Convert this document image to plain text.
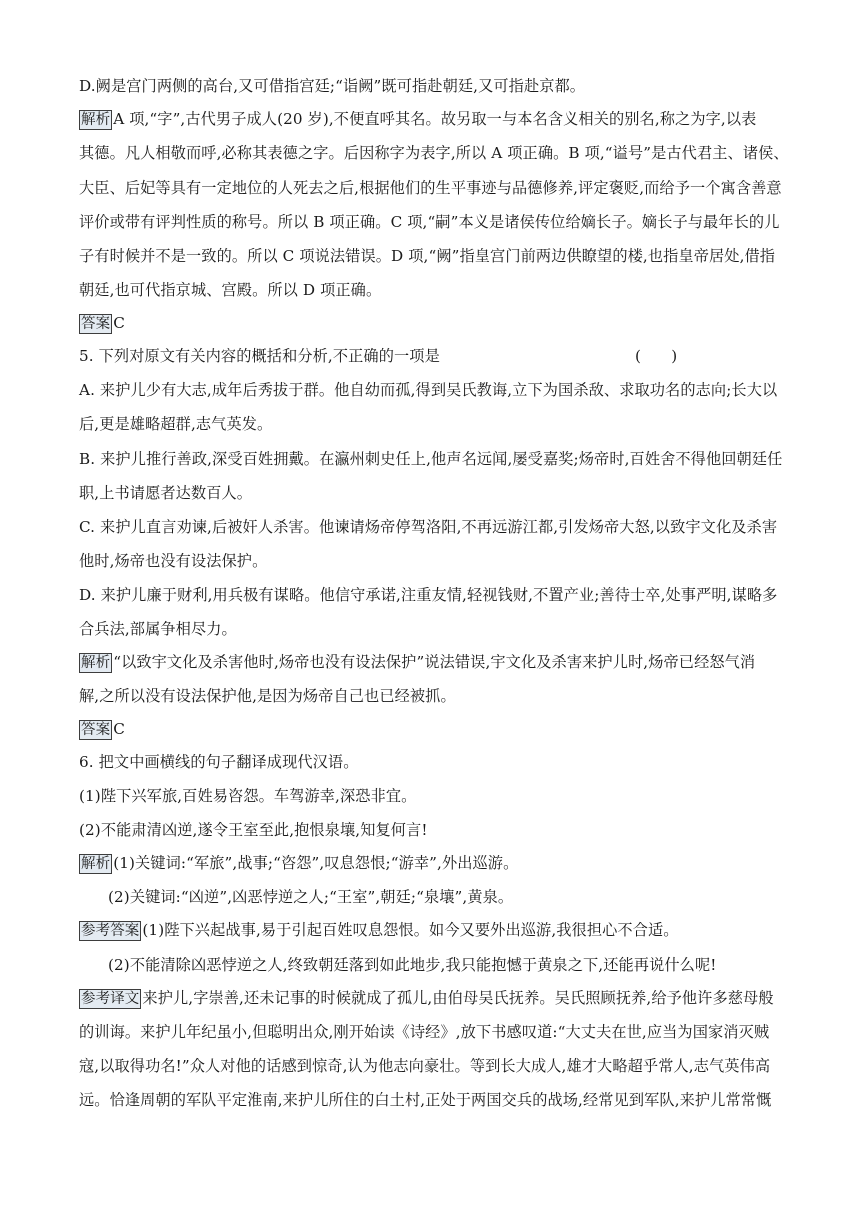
D.阙是宫门两侧的高台,又可借指宫廷;“诣阙”既可指赴朝廷,又可指赴京都。
解析 A 项,“字”,古代男子成人(20 岁),不便直呼其名。故另取一与本名含义相关的别名,称之为字,以表
其德。凡人相敬而呼,必称其表德之字。后因称字为表字,所以 A 项正确。B 项,“谥号”是古代君主、诸侯、
大臣、后妃等具有一定地位的人死去之后,根据他们的生平事迹与品德修养,评定褒贬,而给予一个寓含善意
评价或带有评判性质的称号。所以 B 项正确。C 项,“嗣”本义是诸侯传位给嫡长子。嫡长子与最年长的儿
子有时候并不是一致的。所以 C 项说法错误。D 项,“阙”指皇宫门前两边供瞭望的楼,也指皇帝居处,借指
朝廷,也可代指京城、宫殿。所以 D 项正确。
答案 C
5. 下列对原文有关内容的概括和分析,不正确的一项是	(　　)
A. 来护儿少有大志,成年后秀拔于群。他自幼而孤,得到吴氏教诲,立下为国杀敌、求取功名的志向;长大以
后,更是雄略超群,志气英发。
B. 来护儿推行善政,深受百姓拥戴。在瀛州刺史任上,他声名远闻,屡受嘉奖;炀帝时,百姓舍不得他回朝廷任
职,上书请愿者达数百人。
C. 来护儿直言劝谏,后被奸人杀害。他谏请炀帝停驾洛阳,不再远游江都,引发炀帝大怒,以致宇文化及杀害
他时,炀帝也没有设法保护。
D. 来护儿廉于财利,用兵极有谋略。他信守承诺,注重友情,轻视钱财,不置产业;善待士卒,处事严明,谋略多
合兵法,部属争相尽力。
解析 “以致宇文化及杀害他时,炀帝也没有设法保护”说法错误,宇文化及杀害来护儿时,炀帝已经怒气消
解,之所以没有设法保护他,是因为炀帝自己也已经被抓。
答案 C
6. 把文中画横线的句子翻译成现代汉语。
(1)陛下兴军旅,百姓易咨怨。车驾游幸,深恐非宜。
(2)不能肃清凶逆,遂令王室至此,抱恨泉壤,知复何言!
解析 (1)关键词:“军旅”,战事;“咨怨”,叹息怨恨;“游幸”,外出巡游。
(2)关键词:“凶逆”,凶恶悖逆之人;“王室”,朝廷;“泉壤”,黄泉。
参考答案 (1)陛下兴起战事,易于引起百姓叹息怨恨。如今又要外出巡游,我很担心不合适。
(2)不能清除凶恶悖逆之人,终致朝廷落到如此地步,我只能抱憾于黄泉之下,还能再说什么呢!
参考译文 来护儿,字崇善,还未记事的时候就成了孤儿,由伯母吴氏抚养。吴氏照顾抚养,给予他许多慈母般
的训诲。来护儿年纪虽小,但聪明出众,刚开始读《诗经》,放下书感叹道:“大丈夫在世,应当为国家消灭贼
寇,以取得功名!”众人对他的话感到惊奇,认为他志向豪壮。等到长大成人,雄才大略超乎常人,志气英伟高
远。恰逢周朝的军队平定淮南,来护儿所住的白土村,正处于两国交兵的战场,经常见到军队,来护儿常常慨
